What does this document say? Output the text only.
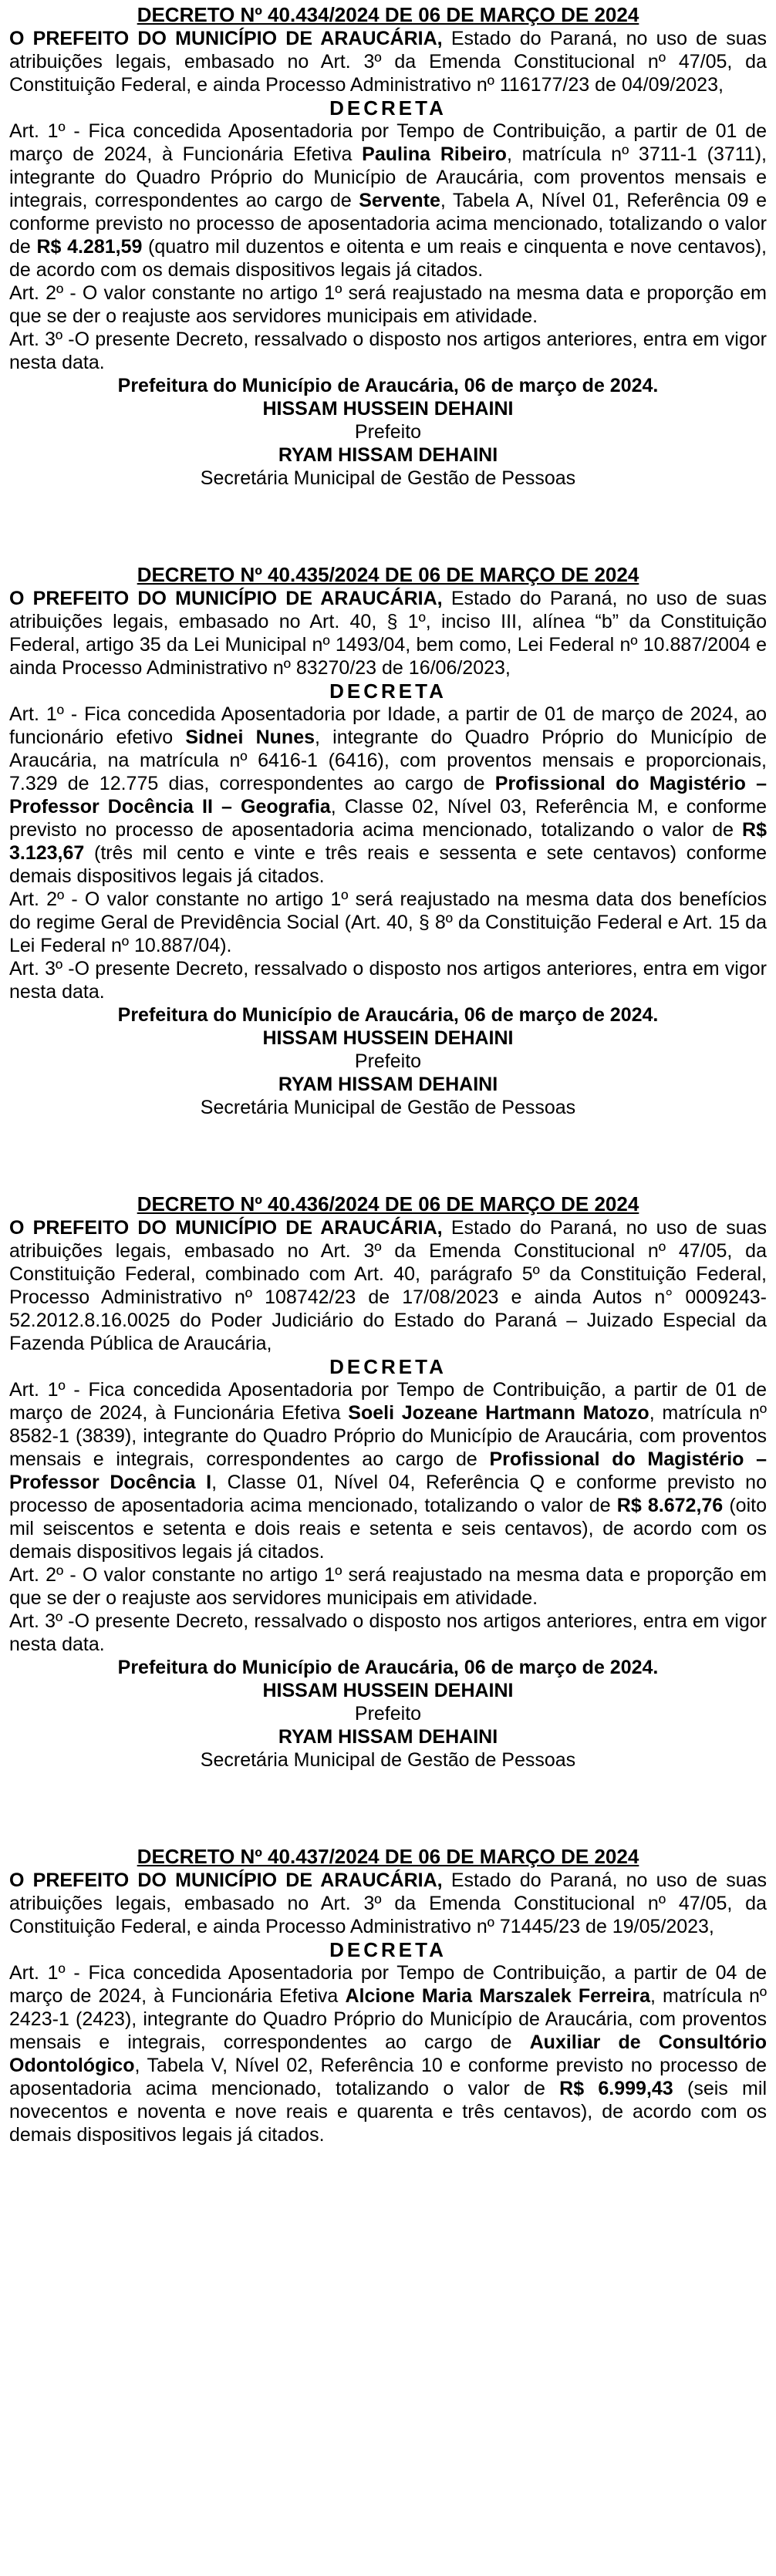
DECRETO Nº 40.434/2024 DE 06 DE MARÇO DE 2024

O PREFEITO DO MUNICÍPIO DE ARAUCÁRIA, Estado do Paraná, no uso de suas atribuições legais, embasado no Art. 3º da Emenda Constitucional nº 47/05, da Constituição Federal, e ainda Processo Administrativo nº 116177/23 de 04/09/2023,

DECRETA

Art. 1º - Fica concedida Aposentadoria por Tempo de Contribuição, a partir de 01 de março de 2024, à Funcionária Efetiva Paulina Ribeiro, matrícula nº 3711-1 (3711), integrante do Quadro Próprio do Município de Araucária, com proventos mensais e integrais, correspondentes ao cargo de Servente, Tabela A, Nível 01, Referência 09 e conforme previsto no processo de aposentadoria acima mencionado, totalizando o valor de R$ 4.281,59 (quatro mil duzentos e oitenta e um reais e cinquenta e nove centavos), de acordo com os demais dispositivos legais já citados.

Art. 2º - O valor constante no artigo 1º será reajustado na mesma data e proporção em que se der o reajuste aos servidores municipais em atividade.

Art. 3º -O presente Decreto, ressalvado o disposto nos artigos anteriores, entra em vigor nesta data.

Prefeitura do Município de Araucária, 06 de março de 2024.

HISSAM HUSSEIN DEHAINI

Prefeito

RYAM HISSAM DEHAINI

Secretária Municipal de Gestão de Pessoas

DECRETO Nº 40.435/2024 DE 06 DE MARÇO DE 2024

O PREFEITO DO MUNICÍPIO DE ARAUCÁRIA, Estado do Paraná, no uso de suas atribuições legais, embasado no Art. 40, § 1º, inciso III, alínea “b” da Constituição Federal, artigo 35 da Lei Municipal nº 1493/04, bem como, Lei Federal nº 10.887/2004 e ainda Processo Administrativo nº 83270/23 de 16/06/2023,

DECRETA

Art. 1º - Fica concedida Aposentadoria por Idade, a partir de 01 de março de 2024, ao funcionário efetivo Sidnei Nunes, integrante do Quadro Próprio do Município de Araucária, na matrícula nº 6416-1 (6416), com proventos mensais e proporcionais, 7.329 de 12.775 dias, correspondentes ao cargo de Profissional do Magistério – Professor Docência II – Geografia, Classe 02, Nível 03, Referência M, e conforme previsto no processo de aposentadoria acima mencionado, totalizando o valor de R$ 3.123,67 (três mil cento e vinte e três reais e sessenta e sete centavos) conforme demais dispositivos legais já citados.

Art. 2º - O valor constante no artigo 1º será reajustado na mesma data dos benefícios do regime Geral de Previdência Social (Art. 40, § 8º da Constituição Federal e Art. 15 da Lei Federal nº 10.887/04).

Art. 3º -O presente Decreto, ressalvado o disposto nos artigos anteriores, entra em vigor nesta data.

Prefeitura do Município de Araucária, 06 de março de 2024.

HISSAM HUSSEIN DEHAINI

Prefeito

RYAM HISSAM DEHAINI

Secretária Municipal de Gestão de Pessoas

DECRETO Nº 40.436/2024 DE 06 DE MARÇO DE 2024

O PREFEITO DO MUNICÍPIO DE ARAUCÁRIA, Estado do Paraná, no uso de suas atribuições legais, embasado no Art. 3º da Emenda Constitucional nº 47/05, da Constituição Federal, combinado com Art. 40, parágrafo 5º da Constituição Federal, Processo Administrativo nº 108742/23 de 17/08/2023 e ainda Autos n° 0009243-52.2012.8.16.0025 do Poder Judiciário do Estado do Paraná – Juizado Especial da Fazenda Pública de Araucária,

DECRETA

Art. 1º - Fica concedida Aposentadoria por Tempo de Contribuição, a partir de 01 de março de 2024, à Funcionária Efetiva Soeli Jozeane Hartmann Matozo, matrícula nº 8582-1 (3839), integrante do Quadro Próprio do Município de Araucária, com proventos mensais e integrais, correspondentes ao cargo de Profissional do Magistério – Professor Docência I, Classe 01, Nível 04, Referência Q e conforme previsto no processo de aposentadoria acima mencionado, totalizando o valor de R$ 8.672,76 (oito mil seiscentos e setenta e dois reais e setenta e seis centavos), de acordo com os demais dispositivos legais já citados.

Art. 2º - O valor constante no artigo 1º será reajustado na mesma data e proporção em que se der o reajuste aos servidores municipais em atividade.

Art. 3º -O presente Decreto, ressalvado o disposto nos artigos anteriores, entra em vigor nesta data.

Prefeitura do Município de Araucária, 06 de março de 2024.

HISSAM HUSSEIN DEHAINI

Prefeito

RYAM HISSAM DEHAINI

Secretária Municipal de Gestão de Pessoas

DECRETO Nº 40.437/2024 DE 06 DE MARÇO DE 2024

O PREFEITO DO MUNICÍPIO DE ARAUCÁRIA, Estado do Paraná, no uso de suas atribuições legais, embasado no Art. 3º da Emenda Constitucional nº 47/05, da Constituição Federal, e ainda Processo Administrativo nº 71445/23 de 19/05/2023,

DECRETA

Art. 1º - Fica concedida Aposentadoria por Tempo de Contribuição, a partir de 04 de março de 2024, à Funcionária Efetiva Alcione Maria Marszalek Ferreira, matrícula nº 2423-1 (2423), integrante do Quadro Próprio do Município de Araucária, com proventos mensais e integrais, correspondentes ao cargo de Auxiliar de Consultório Odontológico, Tabela V, Nível 02, Referência 10 e conforme previsto no processo de aposentadoria acima mencionado, totalizando o valor de R$ 6.999,43 (seis mil novecentos e noventa e nove reais e quarenta e três centavos), de acordo com os demais dispositivos legais já citados.
